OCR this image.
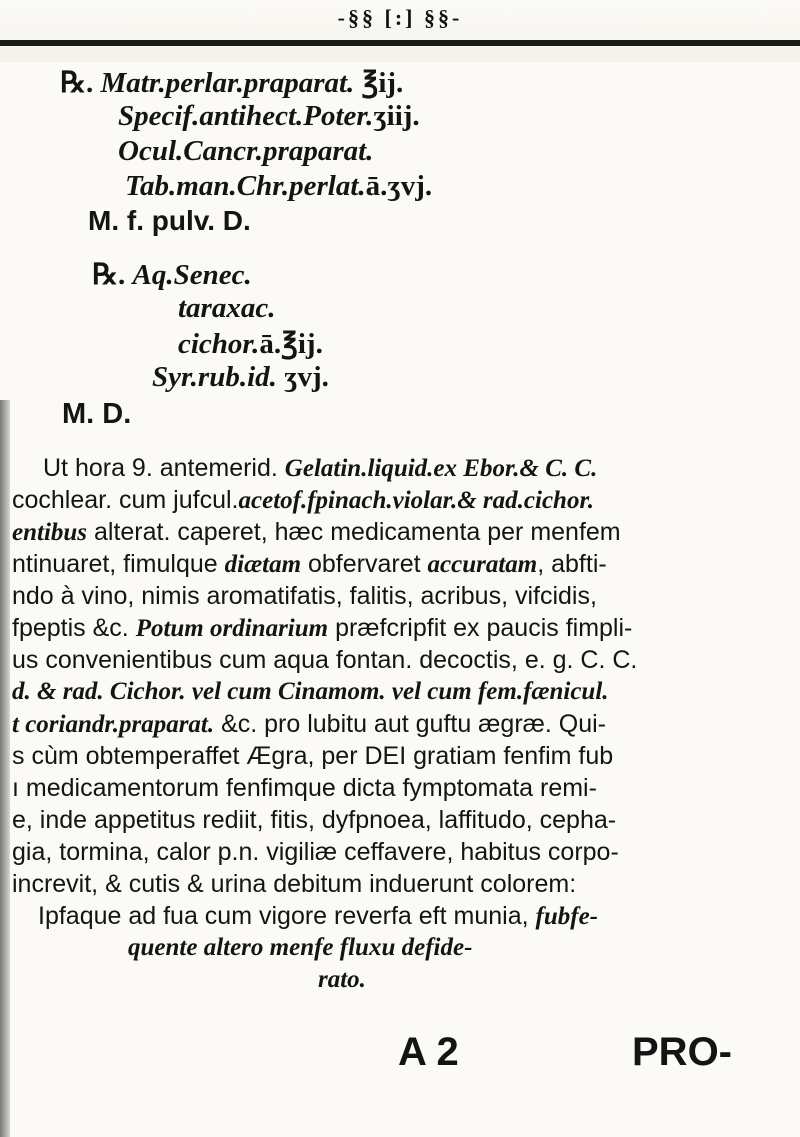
-§§ [:] §§-
℞. Matr.perlar.praparat. ℥ij.
Specif.antihect.Poter.ʒiij.
Ocul.Cancr.praparat.
Tab.man.Chr.perlat.ā.ʒvj.
M. f. pulv. D.
℞. Aq.Senec.
taraxac.
cichor.ā.℥ij.
Syr.rub.id. ʒvj.
M. D.
Ut hora 9. antemerid. Gelatin.liquid.ex Ebor.& C. C.
cochlear. cum jufcul.acetof.fpinach.violar.& rad.cichor.
entibus alterat. caperet, hæc medicamenta per menfem
ntinuaret, fimulque diætam obfervaret accuratam, abfti-
ndo à vino, nimis aromatifatis, falitis, acribus, vifcidis,
fpeptis &c. Potum ordinarium præfcripfit ex paucis fimpli-
us convenientibus cum aqua fontan. decoctis, e. g. C. C.
d. & rad. Cichor. vel cum Cinamom. vel cum fem.fænicul.
t coriandr.praparat. &c. pro lubitu aut guftu ægræ. Qui-
s cùm obtemperaffet Ægra, per DEI gratiam fenfim fub
ı medicamentorum fenfimque dicta fymptomata remi-
e, inde appetitus rediit, fitis, dyfpnoea, laffitudo, cepha-
gia, tormina, calor p.n. vigiliæ ceffavere, habitus corpo-
increvit, & cutis & urina debitum induerunt colorem:
Ipfaque ad fua cum vigore reverfa eft munia, fubfe-
quente altero menfe fluxu defide-
rato.
A 2	PRO-
